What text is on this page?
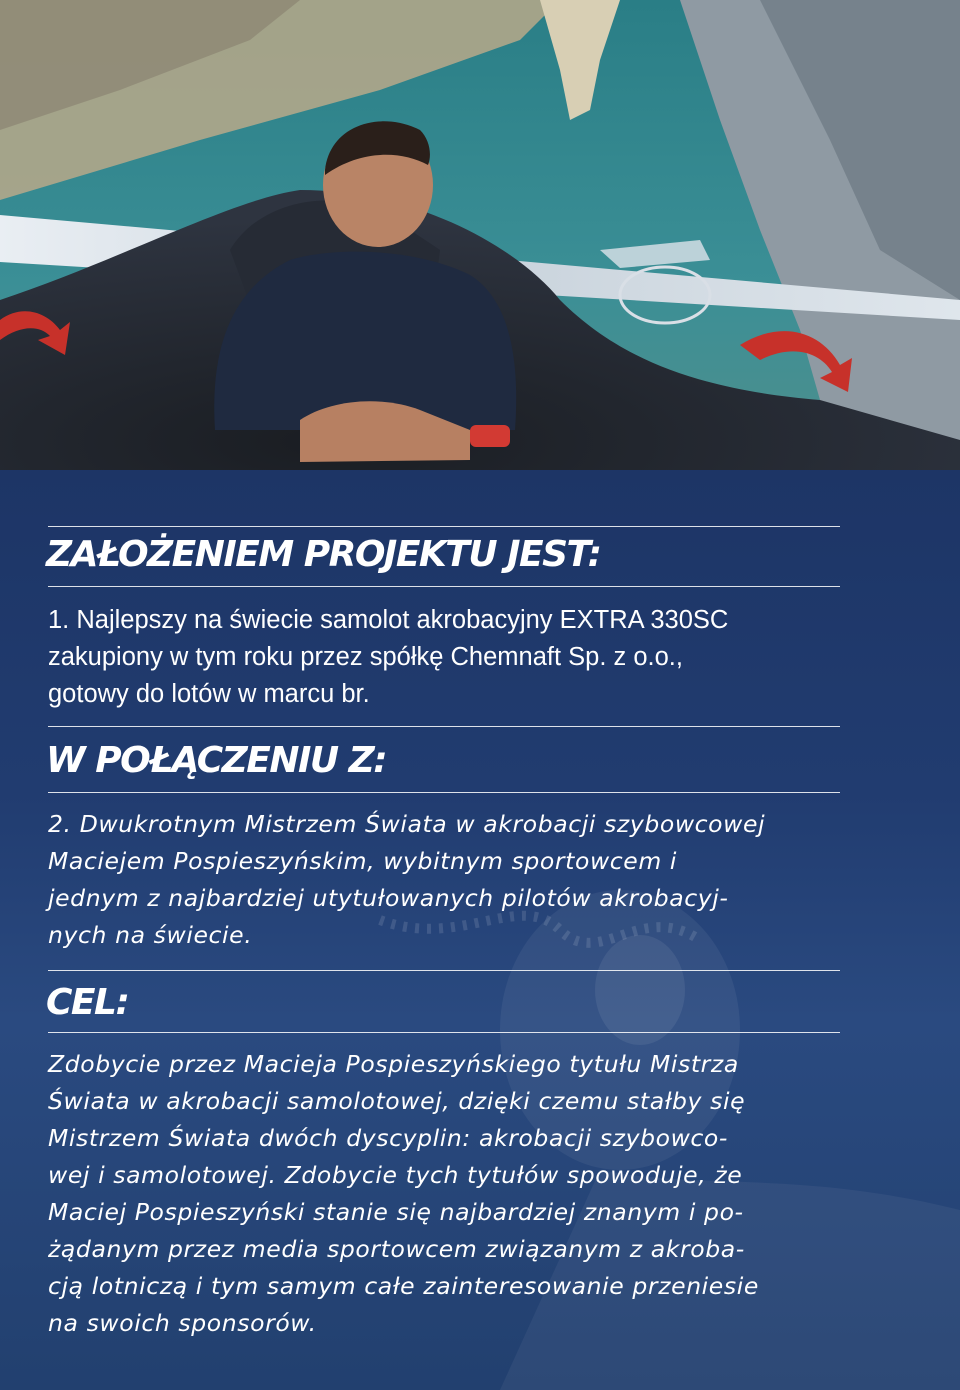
ZAŁOŻENIEM PROJEKTU JEST:

1. Najlepszy na świecie samolot akrobacyjny EXTRA 330SC
zakupiony w tym roku przez spółkę Chemnaft Sp. z o.o.,
gotowy do lotów w marcu br.

W POŁĄCZENIU Z:

2. Dwukrotnym Mistrzem Świata w akrobacji szybowcowej
Maciejem Pospieszyńskim, wybitnym sportowcem i
jednym z najbardziej utytułowanych pilotów akrobacyj-
nych na świecie.

CEL:

Zdobycie przez Macieja Pospieszyńskiego tytułu Mistrza
Świata w akrobacji samolotowej, dzięki czemu stałby się
Mistrzem Świata dwóch dyscyplin: akrobacji szybowco-
wej i samolotowej. Zdobycie tych tytułów spowoduje, że
Maciej Pospieszyński stanie się najbardziej znanym i po-
żądanym przez media sportowcem związanym z akroba-
cją lotniczą i tym samym całe zainteresowanie przeniesie
na swoich sponsorów.
